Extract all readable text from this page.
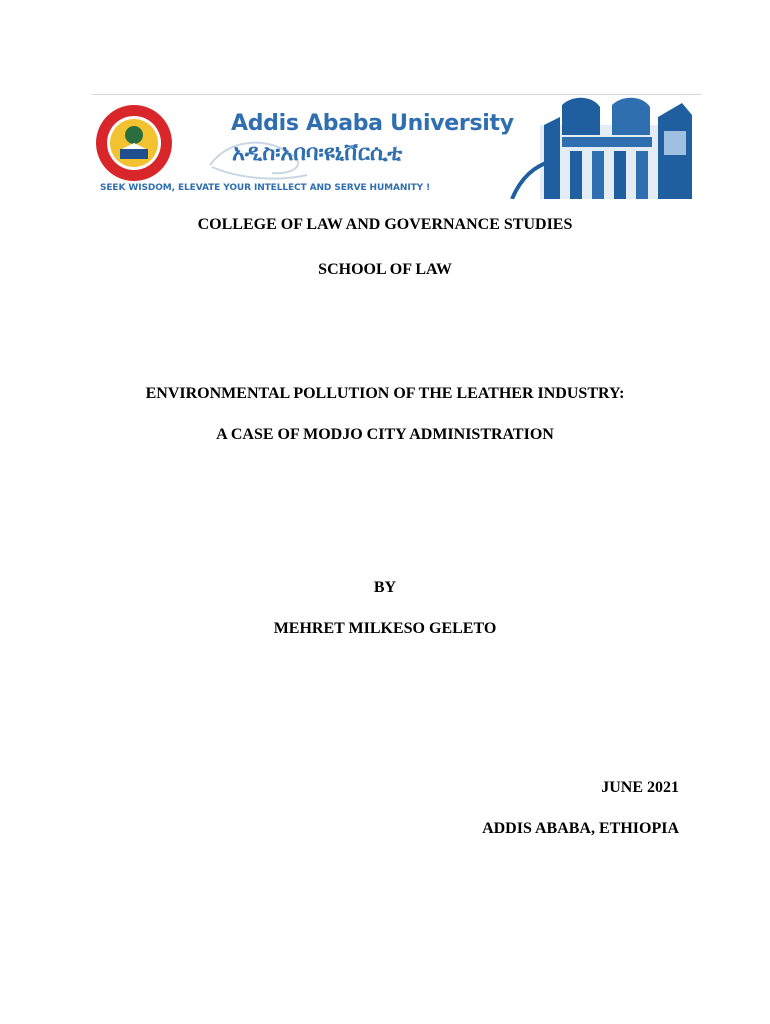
Addis Ababa University
አዲስ፡አበባ፡ዩኒቨርሲቲ
SEEK WISDOM, ELEVATE YOUR INTELLECT AND SERVE HUMANITY !
COLLEGE OF LAW AND GOVERNANCE STUDIES
SCHOOL OF LAW
ENVIRONMENTAL POLLUTION OF THE LEATHER INDUSTRY:
A CASE OF MODJO CITY ADMINISTRATION
BY
MEHRET MILKESO GELETO
JUNE 2021
ADDIS ABABA, ETHIOPIA
